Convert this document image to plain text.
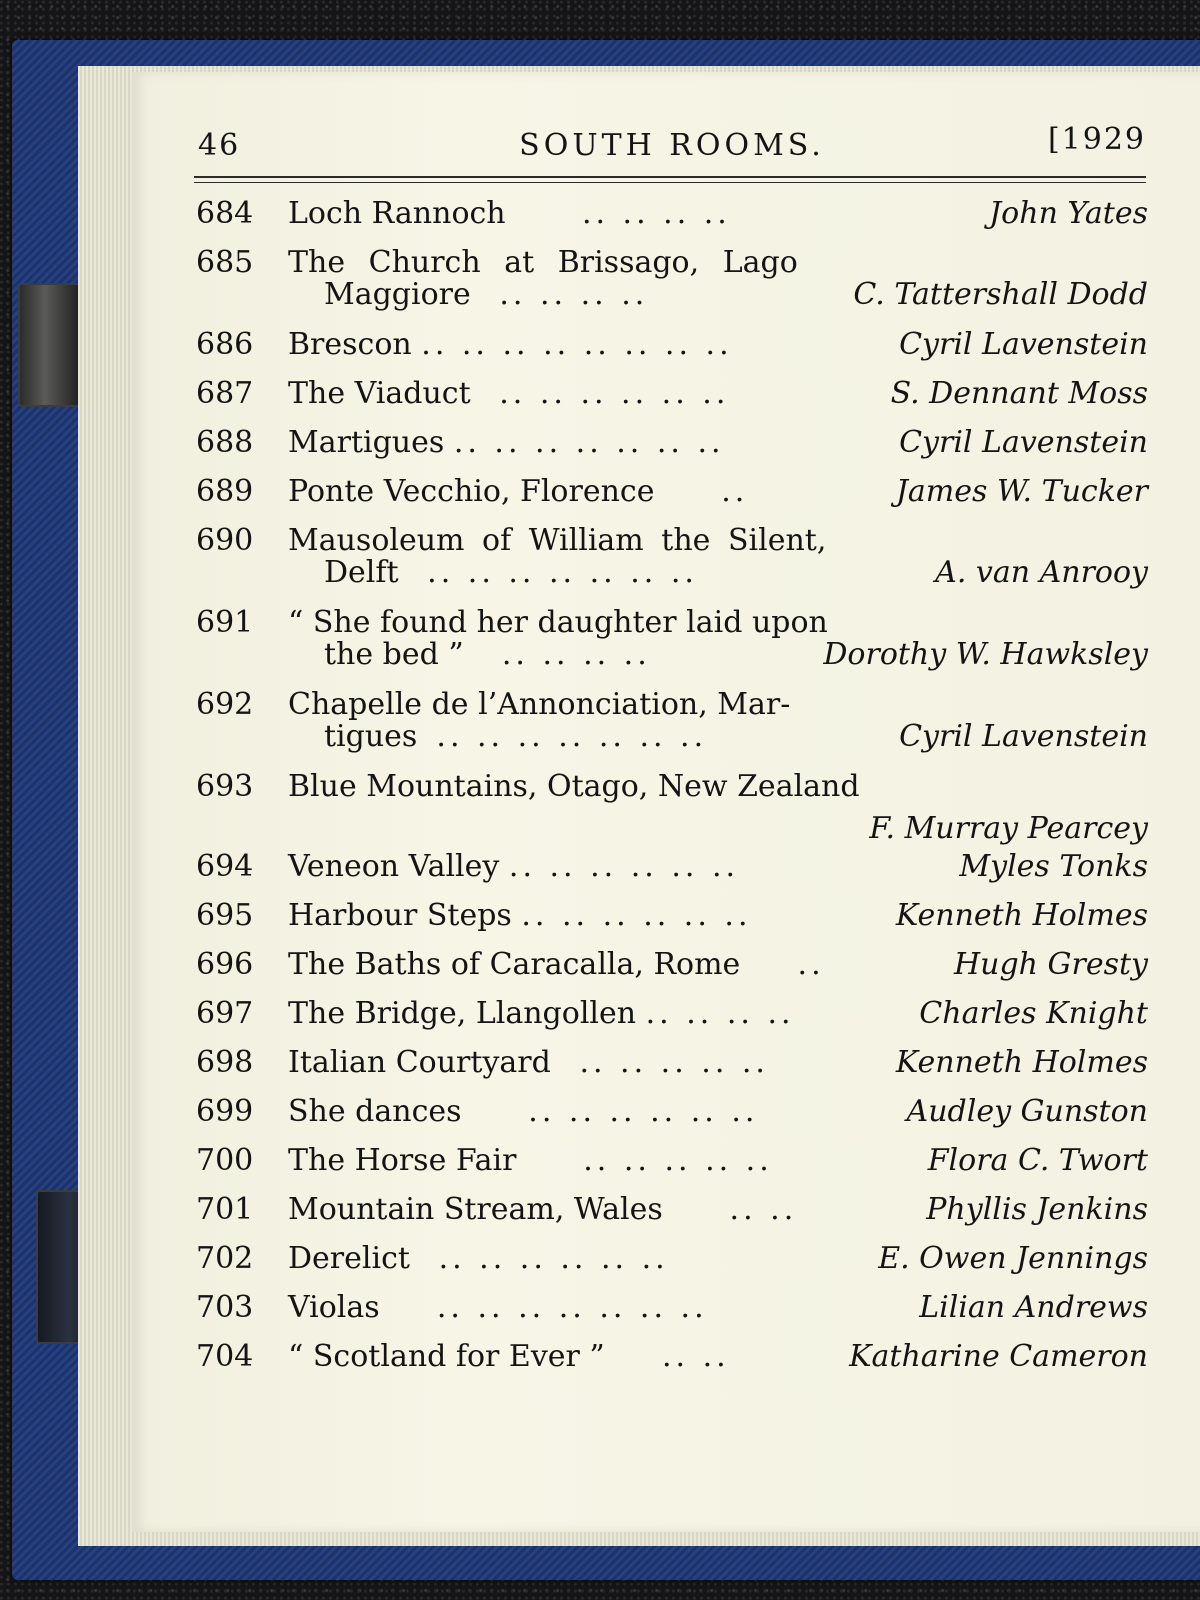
46	SOUTH ROOMS.	[1929
684	Loch Rannoch	.. .. .. ..	John Yates
685	The Church at Brissago, Lago
Maggiore .. .. .. ..	C. Tattershall Dodd
686	Brescon .. .. .. .. .. .. .. ..	Cyril Lavenstein
687	The Viaduct .. .. .. .. .. ..	S. Dennant Moss
688	Martigues .. .. .. .. .. .. ..	Cyril Lavenstein
689	Ponte Vecchio, Florence ..	James W. Tucker
690	Mausoleum of William the Silent,
Delft .. .. .. .. .. .. ..	A. van Anrooy
691	“ She found her daughter laid upon
the bed ” .. .. .. ..	Dorothy W. Hawksley
692	Chapelle de l’Annonciation, Mar-
tigues .. .. .. .. .. .. ..	Cyril Lavenstein
693	Blue Mountains, Otago, New Zealand
F. Murray Pearcey
694	Veneon Valley .. .. .. .. .. ..	Myles Tonks
695	Harbour Steps .. .. .. .. .. ..	Kenneth Holmes
696	The Baths of Caracalla, Rome ..	Hugh Gresty
697	The Bridge, Llangollen .. .. .. ..	Charles Knight
698	Italian Courtyard .. .. .. .. ..	Kenneth Holmes
699	She dances .. .. .. .. .. ..	Audley Gunston
700	The Horse Fair .. .. .. .. ..	Flora C. Twort
701	Mountain Stream, Wales .. ..	Phyllis Jenkins
702	Derelict .. .. .. .. .. ..	E. Owen Jennings
703	Violas .. .. .. .. .. .. ..	Lilian Andrews
704	“ Scotland for Ever ” .. ..	Katharine Cameron
